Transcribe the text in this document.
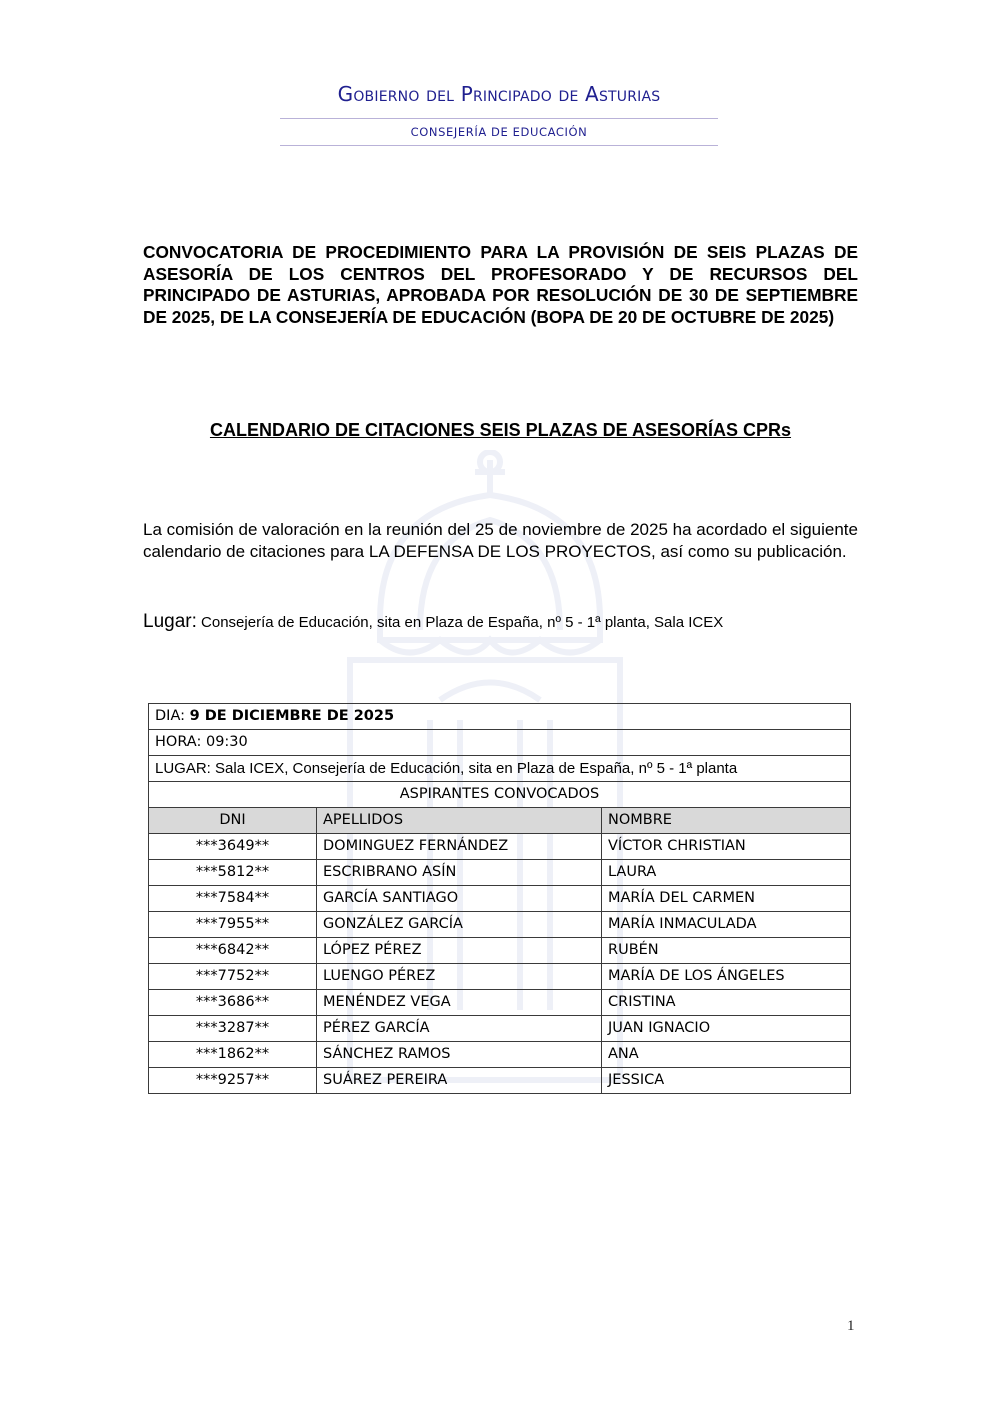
Gobierno del Principado de Asturias
CONSEJERÍA DE EDUCACIÓN
CONVOCATORIA DE PROCEDIMIENTO PARA LA PROVISIÓN DE SEIS PLAZAS DE ASESORÍA DE LOS CENTROS DEL PROFESORADO Y DE RECURSOS DEL PRINCIPADO DE ASTURIAS, APROBADA POR RESOLUCIÓN DE 30 DE SEPTIEMBRE DE 2025, DE LA CONSEJERÍA DE EDUCACIÓN (BOPA DE 20 DE OCTUBRE DE 2025)
CALENDARIO DE CITACIONES SEIS PLAZAS DE ASESORÍAS CPRs
La comisión de valoración en la reunión del 25 de noviembre de 2025 ha acordado el siguiente calendario de citaciones para LA DEFENSA DE LOS PROYECTOS, así como su publicación.
Lugar: Consejería de Educación, sita en Plaza de España, nº 5 - 1ª planta, Sala ICEX
DIA: 9 DE DICIEMBRE DE 2025		
HORA: 09:30		
LUGAR: Sala ICEX, Consejería de Educación, sita en Plaza de España, nº 5 - 1ª planta		
ASPIRANTES CONVOCADOS		
DNI	APELLIDOS	NOMBRE
***3649**	DOMINGUEZ FERNÁNDEZ	VÍCTOR CHRISTIAN
***5812**	ESCRIBRANO ASÍN	LAURA
***7584**	GARCÍA SANTIAGO	MARÍA DEL CARMEN
***7955**	GONZÁLEZ GARCÍA	MARÍA INMACULADA
***6842**	LÓPEZ PÉREZ	RUBÉN
***7752**	LUENGO PÉREZ	MARÍA DE LOS ÁNGELES
***3686**	MENÉNDEZ VEGA	CRISTINA
***3287**	PÉREZ GARCÍA	JUAN IGNACIO
***1862**	SÁNCHEZ RAMOS	ANA
***9257**	SUÁREZ PEREIRA	JESSICA
1
